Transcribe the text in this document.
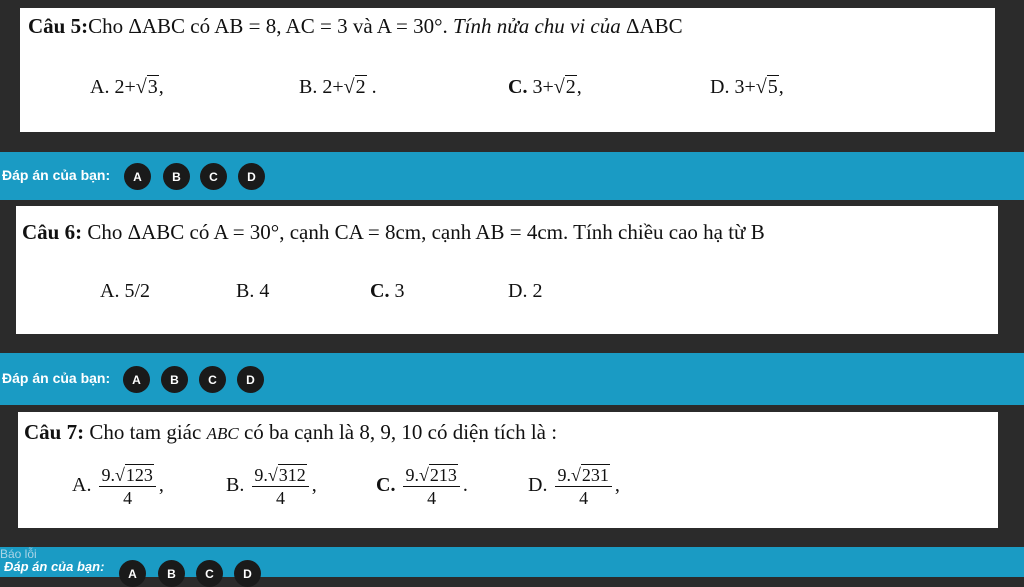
Câu 5:Cho ΔABC có AB = 8, AC = 3 và A = 30°. Tính nửa chu vi của ΔABC
A. 2+√3,	B. 2+√2 .	C. 3+√2,	D. 3+√5,
Đáp án của bạn:	A	B	C	D
Câu 6: Cho ΔABC có A = 30°, cạnh CA = 8cm, cạnh AB = 4cm. Tính chiều cao hạ từ B
A. 5/2	B. 4	C. 3	D. 2
Đáp án của bạn:	A	B	C	D
Câu 7: Cho tam giác ABC có ba cạnh là 8, 9, 10 có diện tích là :
A. $\frac{9.√123}{4}$ ,	B. $\frac{9.√312}{4}$ ,	C. $\frac{9.√213}{4}$ .	D. $\frac{9.√231}{4}$ ,
Đáp án của bạn:	A	B	C	D
Báo lỗi
